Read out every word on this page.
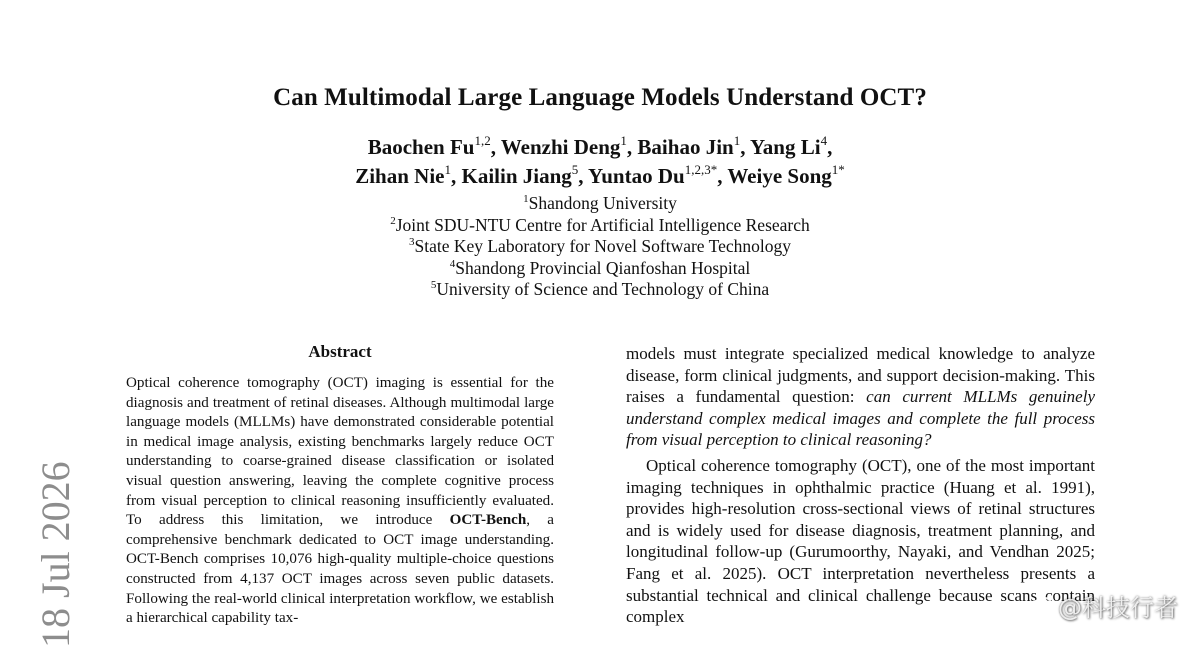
Can Multimodal Large Language Models Understand OCT?
Baochen Fu$^{1,2}$, Wenzhi Deng$^1$, Baihao Jin$^1$, Yang Li$^4$,
Zihan Nie$^1$, Kailin Jiang$^5$, Yuntao $Du^{1,2,3*}$, Weiye Song$^{1*}$
$^1$Shandong University
$^2$Joint SDU-NTU Centre for Artificial Intelligence Research
$^3$State Key Laboratory for Novel Software Technology
$^4$Shandong Provincial Qianfoshan Hospital
$^5$University of Science and Technology of China
Abstract

Optical coherence tomography (OCT) imaging is essential for the diagnosis and treatment of retinal diseases. Although multimodal large language models (MLLMs) have demonstrated considerable potential in medical image analysis, existing benchmarks largely reduce OCT understanding to coarse-grained disease classification or isolated visual question answering, leaving the complete cognitive process from visual perception to clinical reasoning insufficiently evaluated. To address this limitation, we introduce OCT-Bench, a comprehensive benchmark dedicated to OCT image understanding. OCT-Bench comprises 10,076 high-quality multiple-choice questions constructed from 4,137 OCT images across seven public datasets. Following the real-world clinical interpretation workflow, we establish a hierarchical capability tax-

models must integrate specialized medical knowledge to analyze disease, form clinical judgments, and support decision-making. This raises a fundamental question: can current MLLMs genuinely understand complex medical images and complete the full process from visual perception to clinical reasoning?

Optical coherence tomography (OCT), one of the most important imaging techniques in ophthalmic practice (Huang et al. 1991), provides high-resolution cross-sectional views of retinal structures and is widely used for disease diagnosis, treatment planning, and longitudinal follow-up (Gurumoorthy, Nayaki, and Vendhan 2025; Fang et al. 2025). OCT interpretation nevertheless presents a substantial technical and clinical challenge because scans contain complex

18 Jul 2026	@科技行者
